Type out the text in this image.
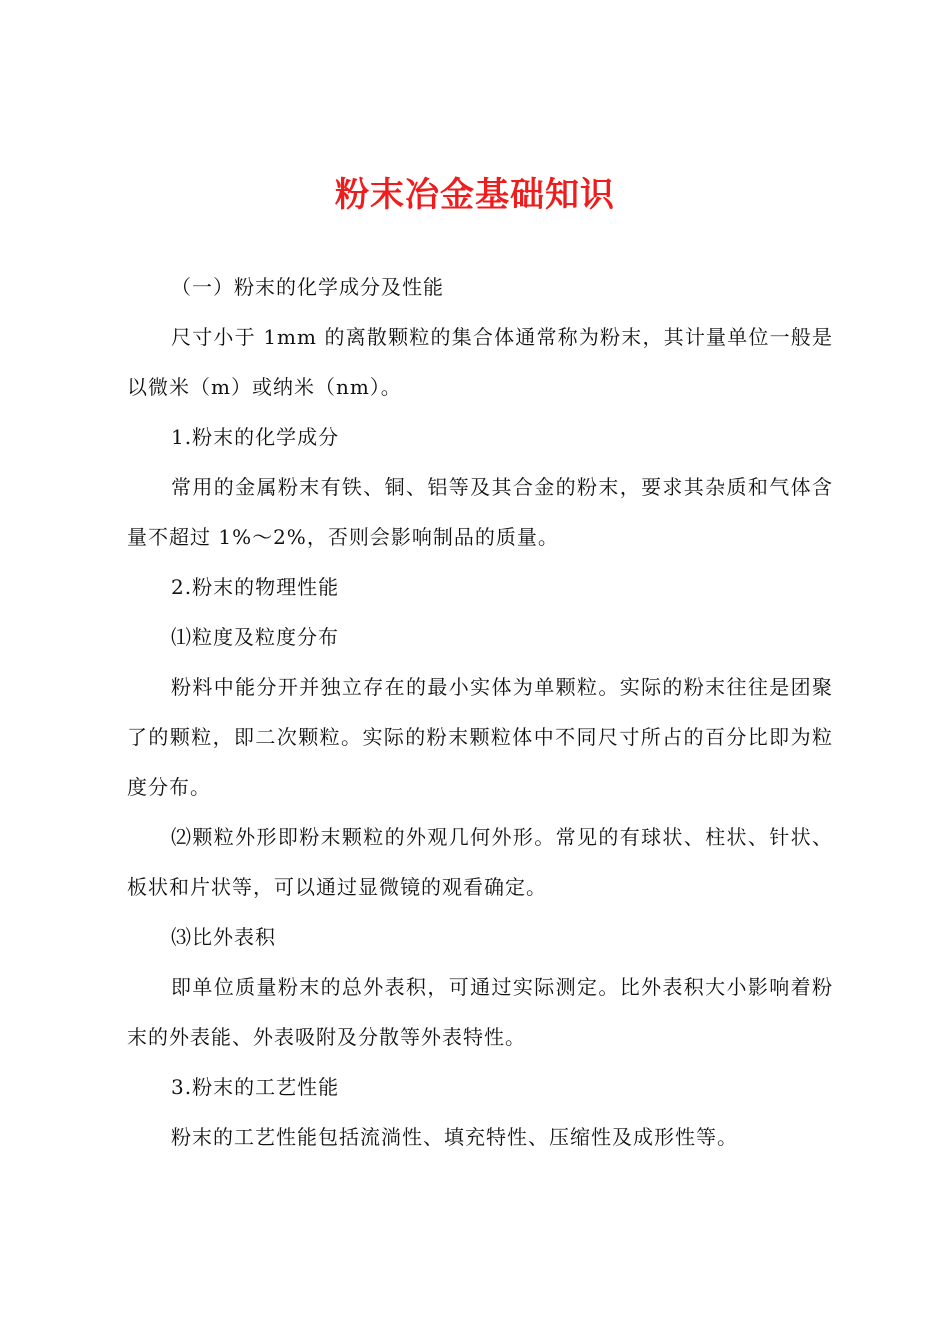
粉末冶金基础知识

（一）粉末的化学成分及性能

尺寸小于 1mm 的离散颗粒的集合体通常称为粉末，其计量单位一般是以微米（m）或纳米（nm）。

1.粉末的化学成分

常用的金属粉末有铁、铜、铝等及其合金的粉末，要求其杂质和气体含量不超过 1%～2%，否则会影响制品的质量。

2.粉末的物理性能

⑴粒度及粒度分布

粉料中能分开并独立存在的最小实体为单颗粒。实际的粉末往往是团聚了的颗粒，即二次颗粒。实际的粉末颗粒体中不同尺寸所占的百分比即为粒度分布。

⑵颗粒外形即粉末颗粒的外观几何外形。常见的有球状、柱状、针状、板状和片状等，可以通过显微镜的观看确定。

⑶比外表积

即单位质量粉末的总外表积，可通过实际测定。比外表积大小影响着粉末的外表能、外表吸附及分散等外表特性。

3.粉末的工艺性能

粉末的工艺性能包括流淌性、填充特性、压缩性及成形性等。
